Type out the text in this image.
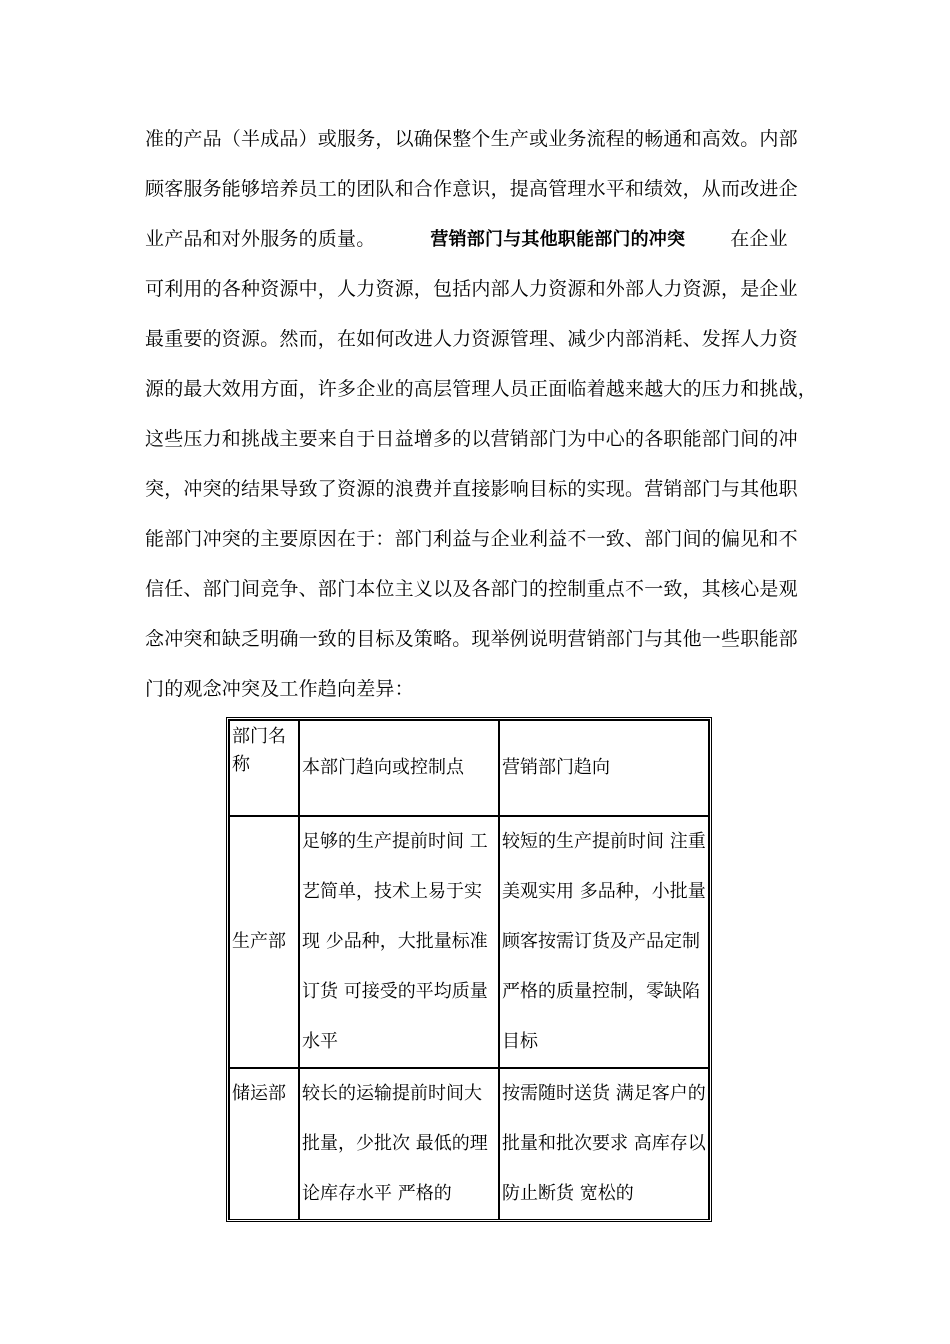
准的产品（半成品）或服务，以确保整个生产或业务流程的畅通和高效。内部
顾客服务能够培养员工的团队和合作意识，提高管理水平和绩效，从而改进企
业产品和对外服务的质量。	营销部门与其他职能部门的冲突 在企业
可利用的各种资源中，人力资源，包括内部人力资源和外部人力资源，是企业
最重要的资源。然而，在如何改进人力资源管理、减少内部消耗、发挥人力资
源的最大效用方面，许多企业的高层管理人员正面临着越来越大的压力和挑战，
这些压力和挑战主要来自于日益增多的以营销部门为中心的各职能部门间的冲
突，冲突的结果导致了资源的浪费并直接影响目标的实现。营销部门与其他职
能部门冲突的主要原因在于：部门利益与企业利益不一致、部门间的偏见和不
信任、部门间竞争、部门本位主义以及各部门的控制重点不一致，其核心是观
念冲突和缺乏明确一致的目标及策略。现举例说明营销部门与其他一些职能部
门的观念冲突及工作趋向差异：
部门名称	本部门趋向或控制点	营销部门趋向

生产部	足够的生产提前时间 工艺简单，技术上易于实现 少品种，大批量标准订货 可接受的平均质量水平	较短的生产提前时间 注重美观实用 多品种，小批量 顾客按需订货及产品定制 严格的质量控制，零缺陷目标

储运部	较长的运输提前时间大批量，少批次 最低的理论库存水平 严格的	按需随时送货 满足客户的批量和批次要求 高库存以防止断货 宽松的
